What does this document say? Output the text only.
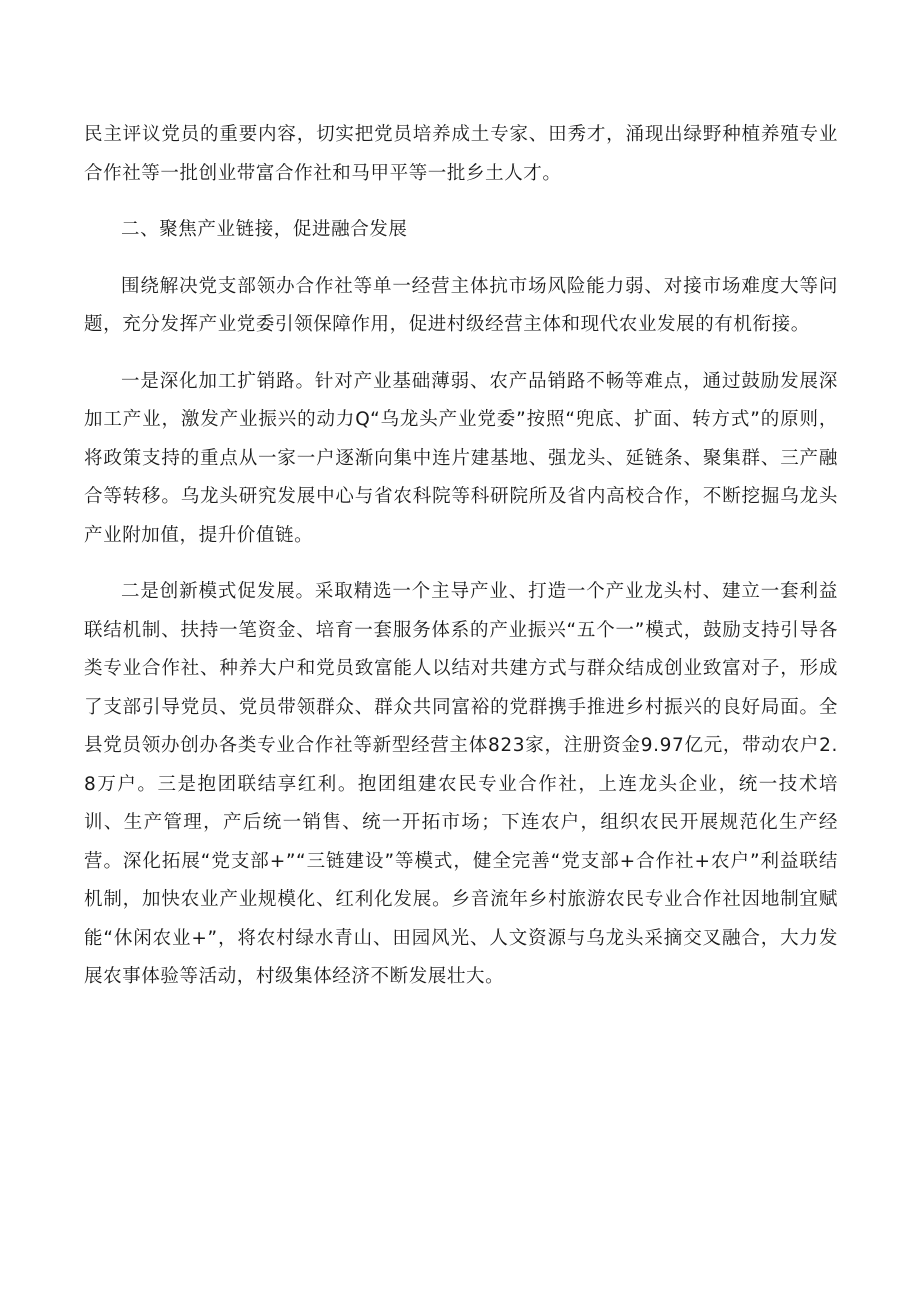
民主评议党员的重要内容，切实把党员培养成土专家、田秀才，涌现出绿野种植养殖专业合作社等一批创业带富合作社和马甲平等一批乡土人才。

二、聚焦产业链接，促进融合发展

围绕解决党支部领办合作社等单一经营主体抗市场风险能力弱、对接市场难度大等问题，充分发挥产业党委引领保障作用，促进村级经营主体和现代农业发展的有机衔接。

一是深化加工扩销路。针对产业基础薄弱、农产品销路不畅等难点，通过鼓励发展深加工产业，激发产业振兴的动力Q“乌龙头产业党委”按照“兜底、扩面、转方式”的原则，将政策支持的重点从一家一户逐渐向集中连片建基地、强龙头、延链条、聚集群、三产融合等转移。乌龙头研究发展中心与省农科院等科研院所及省内高校合作，不断挖掘乌龙头产业附加值，提升价值链。

二是创新模式促发展。采取精选一个主导产业、打造一个产业龙头村、建立一套利益联结机制、扶持一笔资金、培育一套服务体系的产业振兴“五个一”模式，鼓励支持引导各类专业合作社、种养大户和党员致富能人以结对共建方式与群众结成创业致富对子，形成了支部引导党员、党员带领群众、群众共同富裕的党群携手推进乡村振兴的良好局面。全县党员领办创办各类专业合作社等新型经营主体823家，注册资金9.97亿元，带动农户2.8万户。三是抱团联结享红利。抱团组建农民专业合作社，上连龙头企业，统一技术培训、生产管理，产后统一销售、统一开拓市场；下连农户，组织农民开展规范化生产经营。深化拓展“党支部+”“三链建设”等模式，健全完善“党支部+合作社+农户”利益联结机制，加快农业产业规模化、红利化发展。乡音流年乡村旅游农民专业合作社因地制宜赋能“休闲农业+”，将农村绿水青山、田园风光、人文资源与乌龙头采摘交叉融合，大力发展农事体验等活动，村级集体经济不断发展壮大。
